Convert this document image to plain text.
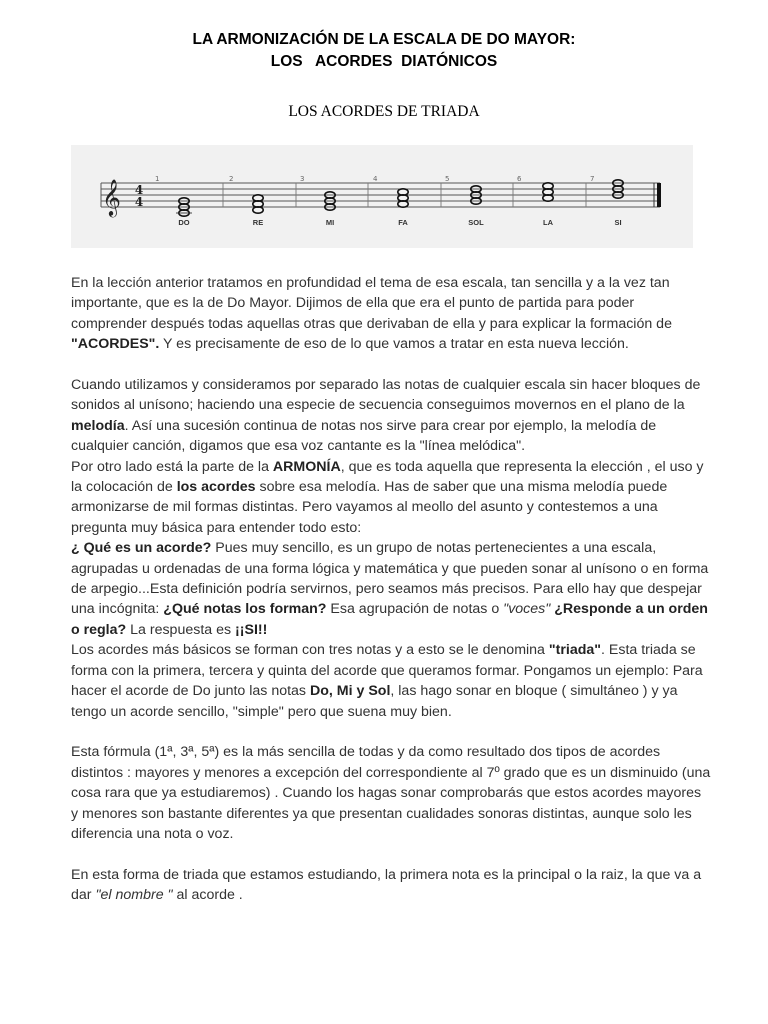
LA ARMONIZACIÓN DE LA ESCALA DE DO MAYOR:
LOS   ACORDES  DIATÓNICOS
LOS ACORDES DE TRIADA
𝄞 4
4
1	2	3	4	5	6	7
DO	RE	MI	FA	SOL	LA	SI

En la lección anterior tratamos en profundidad el tema de esa escala, tan sencilla y a la vez tan importante, que es la de Do Mayor. Dijimos de ella que era el punto de partida para poder comprender después todas aquellas otras que derivaban de ella y para explicar la formación de "ACORDES". Y es precisamente de eso de lo que vamos a tratar en esta nueva lección.

Cuando utilizamos y consideramos por separado las notas de cualquier escala sin hacer bloques de sonidos al unísono; haciendo una especie de secuencia conseguimos movernos en el plano de la melodía. Así una sucesión continua de notas nos sirve para crear por ejemplo, la melodía de cualquier canción, digamos que esa voz cantante es la "línea melódica".

Por otro lado está la parte de la ARMONÍA, que es toda aquella que representa la elección , el uso y la colocación de los acordes sobre esa melodía. Has de saber que una misma melodía puede armonizarse de mil formas distintas. Pero vayamos al meollo del asunto y contestemos a una pregunta muy básica para entender todo esto:

¿ Qué es un acorde? Pues muy sencillo, es un grupo de notas pertenecientes a una escala, agrupadas u ordenadas de una forma lógica y matemática y que pueden sonar al unísono o en forma de arpegio...Esta definición podría servirnos, pero seamos más precisos. Para ello hay que despejar una incógnita: ¿Qué notas los forman? Esa agrupación de notas o "voces" ¿Responde a un orden o regla? La respuesta es ¡¡SI!!

Los acordes más básicos se forman con tres notas y a esto se le denomina "triada". Esta triada se forma con la primera, tercera y quinta del acorde que queramos formar. Pongamos un ejemplo: Para hacer el acorde de Do junto las notas Do, Mi y Sol, las hago sonar en bloque ( simultáneo ) y ya tengo un acorde sencillo, "simple" pero que suena muy bien.

Esta fórmula (1ª, 3ª, 5ª) es la más sencilla de todas y da como resultado dos tipos de acordes distintos : mayores y menores a excepción del correspondiente al 7º grado que es un disminuido (una cosa rara que ya estudiaremos) . Cuando los hagas sonar comprobarás que estos acordes mayores y menores son bastante diferentes ya que presentan cualidades sonoras distintas, aunque solo les diferencia una nota o voz.

En esta forma de triada que estamos estudiando, la primera nota es la principal o la raiz, la que va a dar "el nombre " al acorde .
